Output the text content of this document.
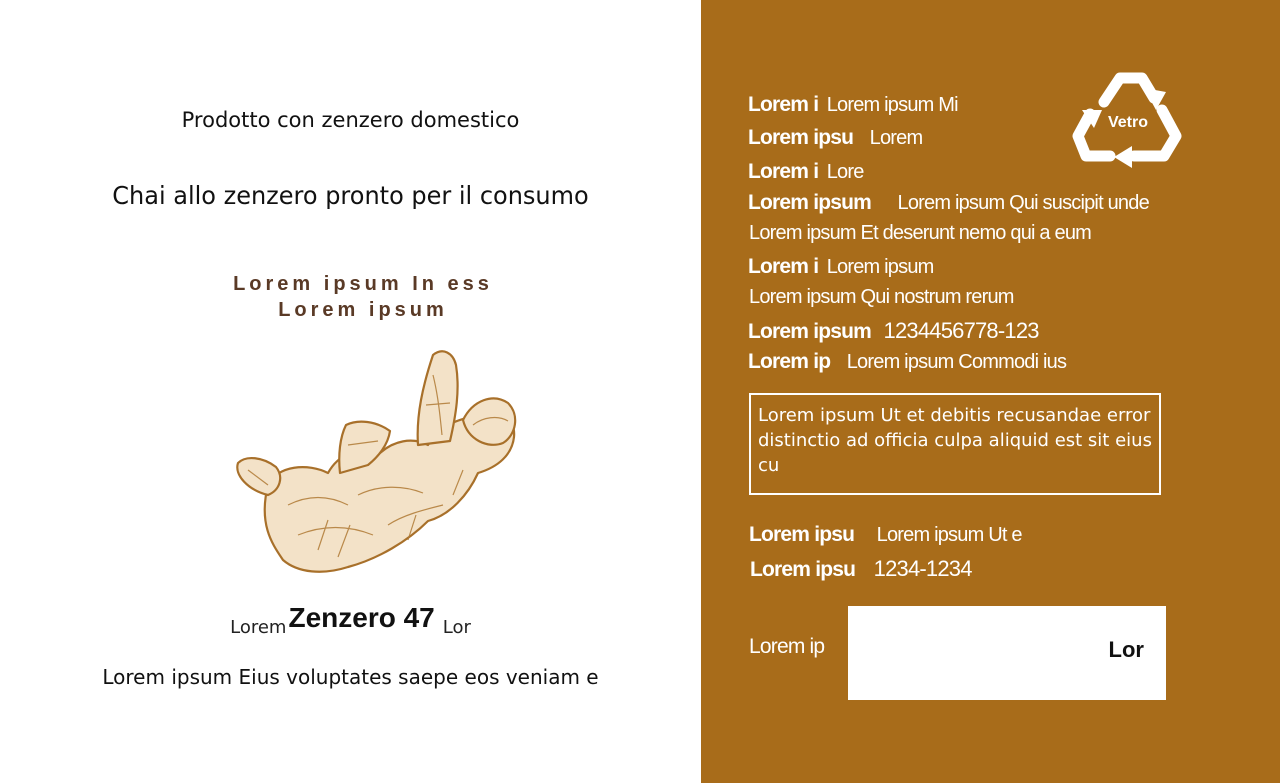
Prodotto con zenzero domestico
Chai allo zenzero pronto per il consumo
Lorem ipsum In ess
Lorem ipsum
LoremZenzero 47 Lor
Lorem ipsum Eius voluptates saepe eos veniam e
Lorem i Lorem ipsum Mi
Lorem ipsu Lorem
Lorem i Lore
Lorem ipsum Lorem ipsum Qui suscipit unde
Lorem ipsum Et deserunt nemo qui a eum
Lorem i Lorem ipsum
Lorem ipsum Qui nostrum rerum
Lorem ipsum 1234456778-123
Lorem ip Lorem ipsum Commodi ius
Vetro
Lorem ipsum Ut et debitis recusandae error distinctio ad officia culpa aliquid est sit eius cu
Lorem ipsu Lorem ipsum Ut e
Lorem ipsu 1234-1234
Lorem ip	Lor
